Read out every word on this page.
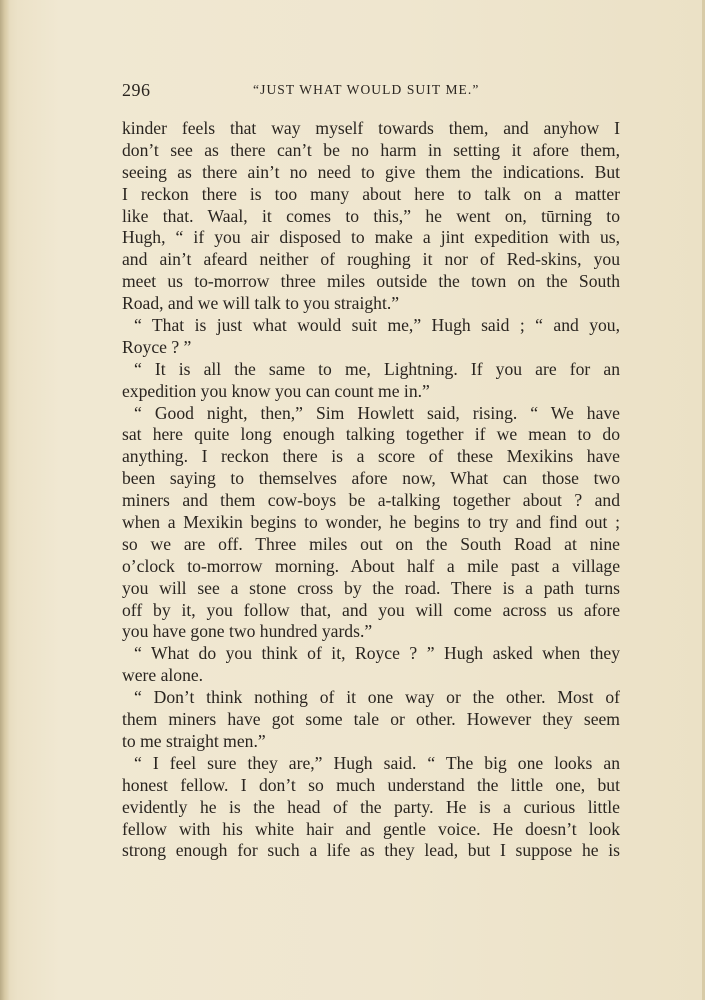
296	“JUST WHAT WOULD SUIT ME.”
kinder feels that way myself towards them, and anyhow I
don’t see as there can’t be no harm in setting it afore them,
seeing as there ain’t no need to give them the indications. But
I reckon there is too many about here to talk on a matter
like that. Waal, it comes to this,” he went on, tūrning to
Hugh, “ if you air disposed to make a jint expedition with us,
and ain’t afeard neither of roughing it nor of Red-skins, you
meet us to-morrow three miles outside the town on the South
Road, and we will talk to you straight.”
“ That is just what would suit me,” Hugh said ; “ and you,
Royce ? ”
“ It is all the same to me, Lightning. If you are for an
expedition you know you can count me in.”
“ Good night, then,” Sim Howlett said, rising. “ We have
sat here quite long enough talking together if we mean to do
anything. I reckon there is a score of these Mexikins have
been saying to themselves afore now, What can those two
miners and them cow-boys be a-talking together about ? and
when a Mexikin begins to wonder, he begins to try and find out ;
so we are off. Three miles out on the South Road at nine
o’clock to-morrow morning. About half a mile past a village
you will see a stone cross by the road. There is a path turns
off by it, you follow that, and you will come across us afore
you have gone two hundred yards.”
“ What do you think of it, Royce ? ” Hugh asked when they
were alone.
“ Don’t think nothing of it one way or the other. Most of
them miners have got some tale or other. However they seem
to me straight men.”
“ I feel sure they are,” Hugh said. “ The big one looks an
honest fellow. I don’t so much understand the little one, but
evidently he is the head of the party. He is a curious little
fellow with his white hair and gentle voice. He doesn’t look
strong enough for such a life as they lead, but I suppose he is
